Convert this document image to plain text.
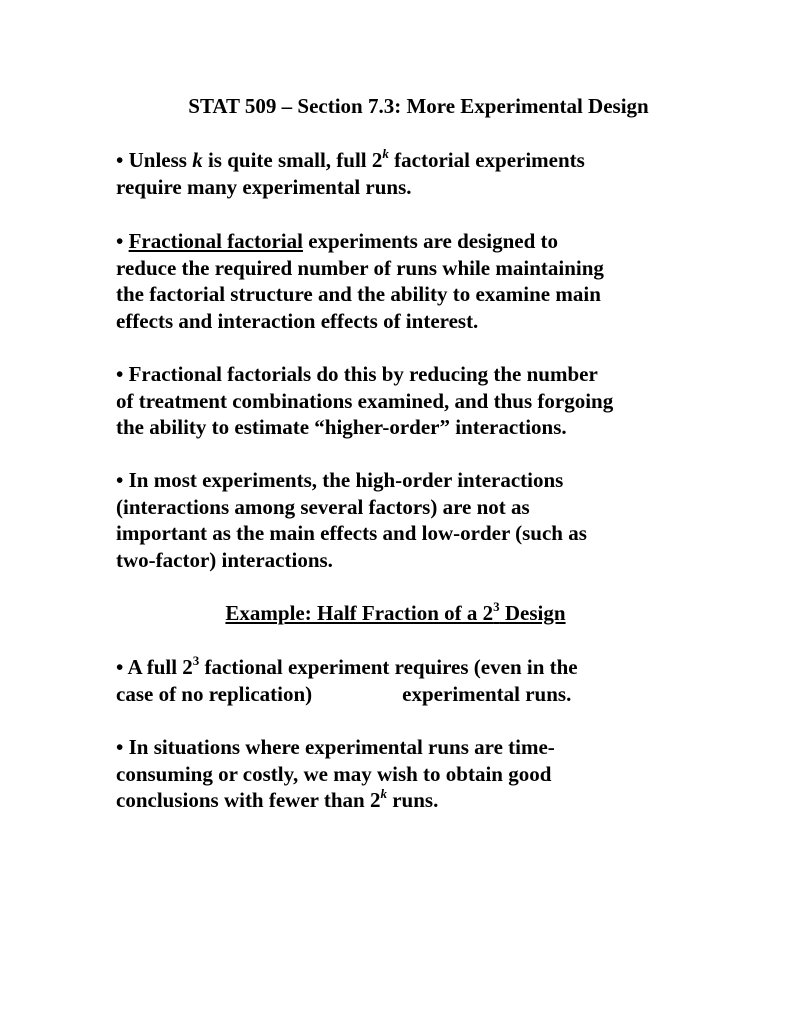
STAT 509 – Section 7.3: More Experimental Design

• Unless k is quite small, full 2$^k$ factorial experiments
require many experimental runs.

• Fractional factorial experiments are designed to
reduce the required number of runs while maintaining
the factorial structure and the ability to examine main
effects and interaction effects of interest.

• Fractional factorials do this by reducing the number
of treatment combinations examined, and thus forgoing
the ability to estimate “higher-order” interactions.

• In most experiments, the high-order interactions
(interactions among several factors) are not as
important as the main effects and low-order (such as
two-factor) interactions.

Example: Half Fraction of a $2^3$ Design

• A full $2^3$ factional experiment requires (even in the
case of no replication)	experimental runs.

• In situations where experimental runs are time-
consuming or costly, we may wish to obtain good
conclusions with fewer than 2$^k$ runs.
